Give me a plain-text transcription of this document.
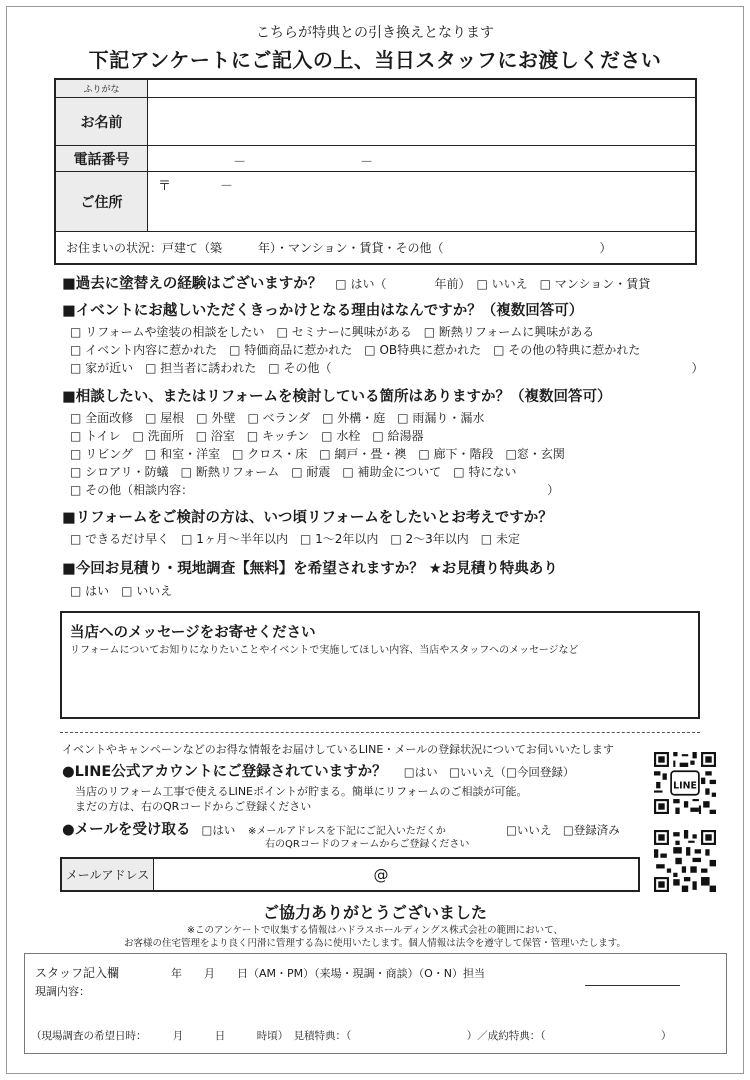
こちらが特典との引き換えとなります
下記アンケートにご記入の上、当日スタッフにお渡しください
ふりがな
お名前
電話番号	－	－
ご住所
〒	－
お住まいの状況：戸建て（築　　　年）・マンション・賃貸・その他（　　　　　　　　　　　　　）
■過去に塗替えの経験はございますか？ □ はい（　　　　年前）　□ いいえ　□ マンション・賃貸
■イベントにお越しいただくきっかけとなる理由はなんですか？（複数回答可）
□ リフォームや塗装の相談をしたい　□ セミナーに興味がある　□ 断熱リフォームに興味がある
□ イベント内容に惹かれた　□ 特価商品に惹かれた　□ OB特典に惹かれた　□ その他の特典に惹かれた
□ 家が近い　□ 担当者に誘われた　□ その他（　　　　　　　　　　　　　　　　　　　　　　　　　　　　　　）
■相談したい、またはリフォームを検討している箇所はありますか？（複数回答可）
□ 全面改修　□ 屋根　□ 外壁　□ ベランダ　□ 外構・庭　□ 雨漏り・漏水
□ トイレ　□ 洗面所　□ 浴室　□ キッチン　□ 水栓　□ 給湯器
□ リビング　□ 和室・洋室　□ クロス・床　□ 網戸・畳・襖　□ 廊下・階段　□窓・玄関
□ シロアリ・防蟻　□ 断熱リフォーム　□ 耐震　□ 補助金について　□ 特にない
□ その他（相談内容：　　　　　　　　　　　　　　　　　　　　　　　　　　　　　　）
■リフォームをご検討の方は、いつ頃リフォームをしたいとお考えですか？
□ できるだけ早く　□ 1ヶ月～半年以内　□ 1～2年以内　□ 2～3年以内　□ 未定
■今回お見積り・現地調査【無料】を希望されますか？ ★お見積り特典あり
□ はい　□ いいえ
当店へのメッセージをお寄せください
リフォームについてお知りになりたいことやイベントで実施してほしい内容、当店やスタッフへのメッセージなど
イベントやキャンペーンなどのお得な情報をお届けしているLINE・メールの登録状況についてお伺いいたします
●LINE公式アカウントにご登録されていますか？ □はい　□いいえ（□今回登録）
当店のリフォーム工事で使えるLINEポイントが貯まる。簡単にリフォームのご相談が可能。
まだの方は、右のQRコードからご登録ください
●メールを受け取る □はい ※メールアドレスを下記にご記入いただくか
右のQRコードのフォームからご登録ください
□いいえ　□登録済み
メールアドレス	@
LINE
ご協力ありがとうございました
※このアンケートで収集する情報はハドラスホールディングス株式会社の範囲において、
お客様の住宅管理をより良く円滑に管理する為に使用いたします。個人情報は法令を遵守して保管・管理いたします。
スタッフ記入欄	年　　月　　日（AM・PM）（来場・現調・商談）（O・N）担当
現調内容：
（現場調査の希望日時：　　　月　　　日　　　時頃）　見積特典：（　　　　　　　　　　　）／成約特典：（　　　　　　　　　　　）
